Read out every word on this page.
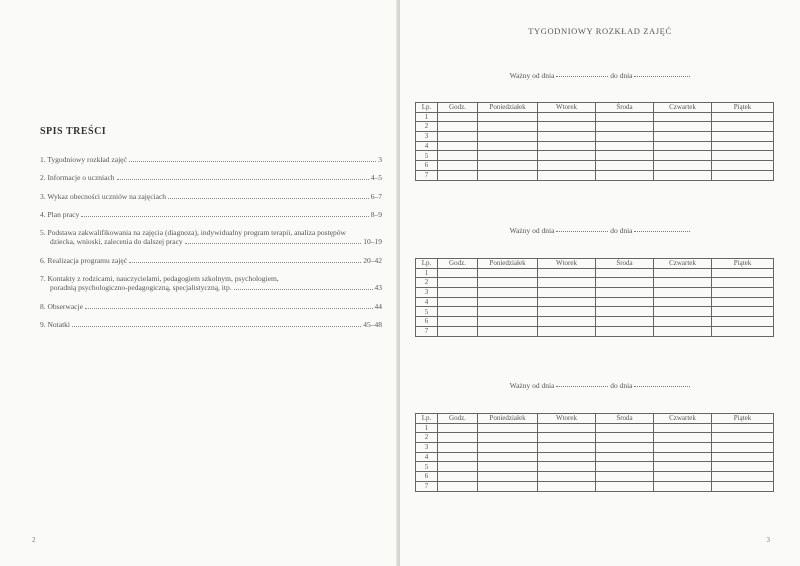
SPIS TREŚCI
1. Tygodniowy rozkład zajęć	3
2. Informacje o uczniach	4–5
3. Wykaz obecności uczniów na zajęciach	6–7
4. Plan pracy	8–9
5. Podstawa zakwalifikowania na zajęcia (diagnoza), indywidualny program terapii, analiza postępów
dziecka, wnioski, zalecenia do dalszej pracy	10–19
6. Realizacja programu zajęć	20–42
7. Kontakty z rodzicami, nauczycielami, pedagogiem szkolnym, psychologiem,
poradnią psychologiczno-pedagogiczną, specjalistyczną, itp.	43
8. Obserwacje	44
9. Notatki	45–48
2
TYGODNIOWY ROZKŁAD ZAJĘĆ
Ważny od dnia	do dnia
Lp.	Godz.	Poniedziałek	Wtorek	Środa	Czwartek	Piątek
1						
2						
3						
4						
5						
6						
7						
Ważny od dnia	do dnia
Lp.	Godz.	Poniedziałek	Wtorek	Środa	Czwartek	Piątek
1						
2						
3						
4						
5						
6						
7						
Ważny od dnia	do dnia
Lp.	Godz.	Poniedziałek	Wtorek	Środa	Czwartek	Piątek
1						
2						
3						
4						
5						
6						
7						
3
